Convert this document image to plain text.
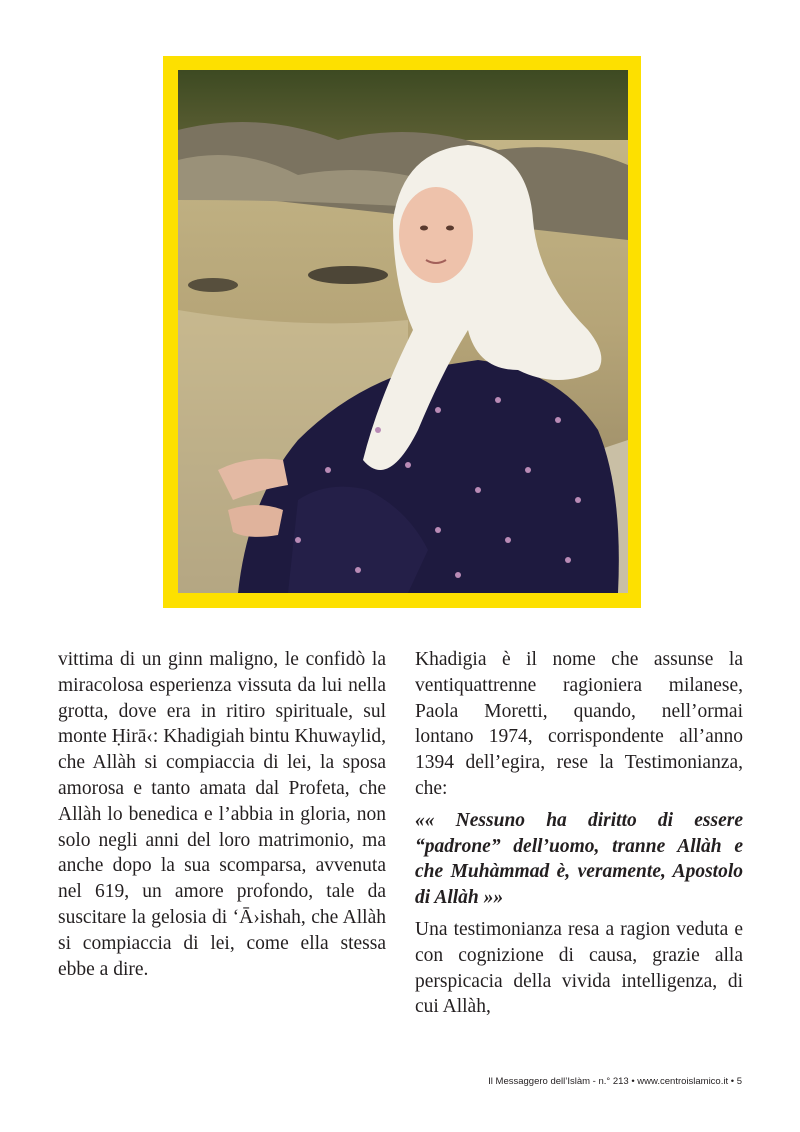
vittima di un ginn maligno, le confidò la miracolosa esperienza vissuta da lui nella grotta, dove era in ritiro spirituale, sul monte Ḥirā‹: Khadigiah bintu Khuwaylid, che Allàh si compiaccia di lei, la sposa amorosa e tanto amata dal Profeta, che Allàh lo benedica e l’abbia in gloria, non solo negli anni del loro matrimonio, ma anche dopo la sua scomparsa, avvenuta nel 619, un amore profondo, tale da suscitare la gelosia di ‘Ā›ishah, che Allàh si compiaccia di lei, come ella stessa ebbe a dire.

Khadigia è il nome che assunse la ventiquattrenne ragioniera milanese, Paola Moretti, quando, nell’ormai lontano 1974, corrispondente all’anno 1394 dell’egira, rese la Testimonianza, che:

«« Nessuno ha diritto di essere “padrone” dell’uomo, tranne Allàh e che Muhàmmad è, veramente, Apostolo di Allàh »»

Una testimonianza resa a ragion veduta e con cognizione di causa, grazie alla perspicacia della vivida intelligenza, di cui Allàh,

Il Messaggero dell’Islàm - n.° 213 • www.centroislamico.it • 5
